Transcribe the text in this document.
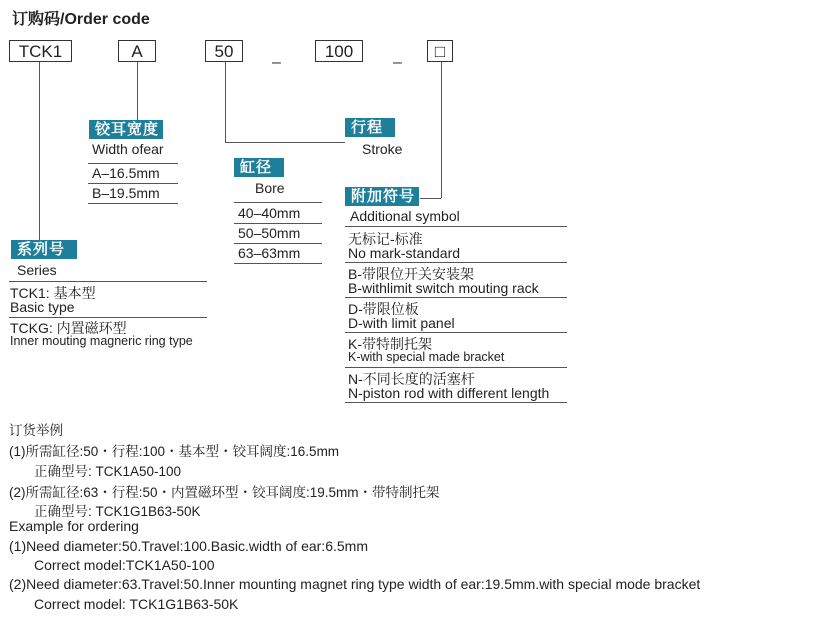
订购码/Order code
TCK1	A	50
–
100
–
□
系列号
Series
TCK1: 基本型
Basic type
TCKG: 内置磁环型
Inner mouting magneric ring type
铰耳宽度
Width ofear
A–16.5mm
B–19.5mm
缸径
Bore
40–40mm
50–50mm
63–63mm
行程
Stroke
附加符号
Additional symbol
无标记-标准
No mark-standard
B-带限位开关安装架
B-withlimit switch mouting rack
D-带限位板
D-with limit panel
K-带特制托架
K-with special made bracket
N-不同长度的活塞杆
N-piston rod with different length
订货举例
(1)所需缸径:50・行程:100・基本型・铰耳阔度:16.5mm
正确型号: TCK1A50-100
(2)所需缸径:63・行程:50・内置磁环型・铰耳阔度:19.5mm・带特制托架
正确型号: TCK1G1B63-50K
Example for ordering
(1)Need diameter:50.Travel:100.Basic.width of ear:6.5mm
Correct model:TCK1A50-100
(2)Need diameter:63.Travel:50.Inner mounting magnet ring type width of ear:19.5mm.with special mode bracket
Correct model: TCK1G1B63-50K
